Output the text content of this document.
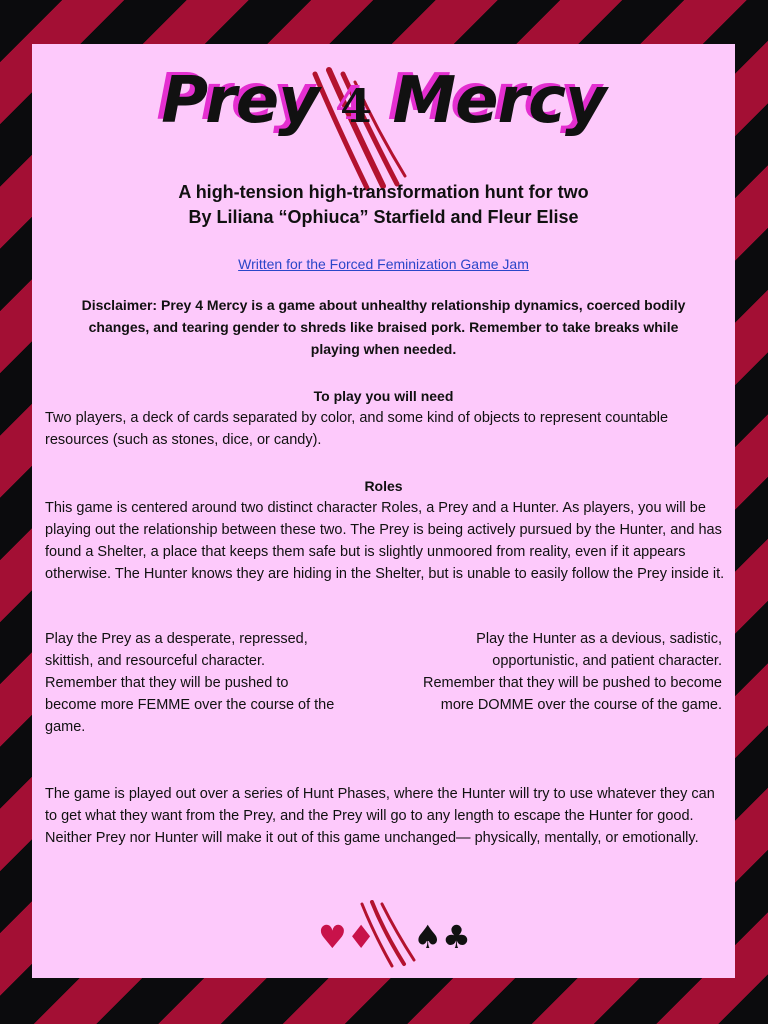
Prey 4 Mercy
A high-tension high-transformation hunt for two
By Liliana “Ophiuca” Starfield and Fleur Elise
Written for the Forced Feminization Game Jam
Disclaimer: Prey 4 Mercy is a game about unhealthy relationship dynamics, coerced bodily changes, and tearing gender to shreds like braised pork. Remember to take breaks while playing when needed.
To play you will need
Two players, a deck of cards separated by color, and some kind of objects to represent countable resources (such as stones, dice, or candy).
Roles
This game is centered around two distinct character Roles, a Prey and a Hunter. As players, you will be playing out the relationship between these two. The Prey is being actively pursued by the Hunter, and has found a Shelter, a place that keeps them safe but is slightly unmoored from reality, even if it appears otherwise. The Hunter knows they are hiding in the Shelter, but is unable to easily follow the Prey inside it.
Play the Prey as a desperate, repressed, skittish, and resourceful character. Remember that they will be pushed to become more FEMME over the course of the game.
Play the Hunter as a devious, sadistic, opportunistic, and patient character. Remember that they will be pushed to become more DOMME over the course of the game.
The game is played out over a series of Hunt Phases, where the Hunter will try to use whatever they can to get what they want from the Prey, and the Prey will go to any length to escape the Hunter for good. Neither Prey nor Hunter will make it out of this game unchanged— physically, mentally, or emotionally.
♥♦ ♠♣
